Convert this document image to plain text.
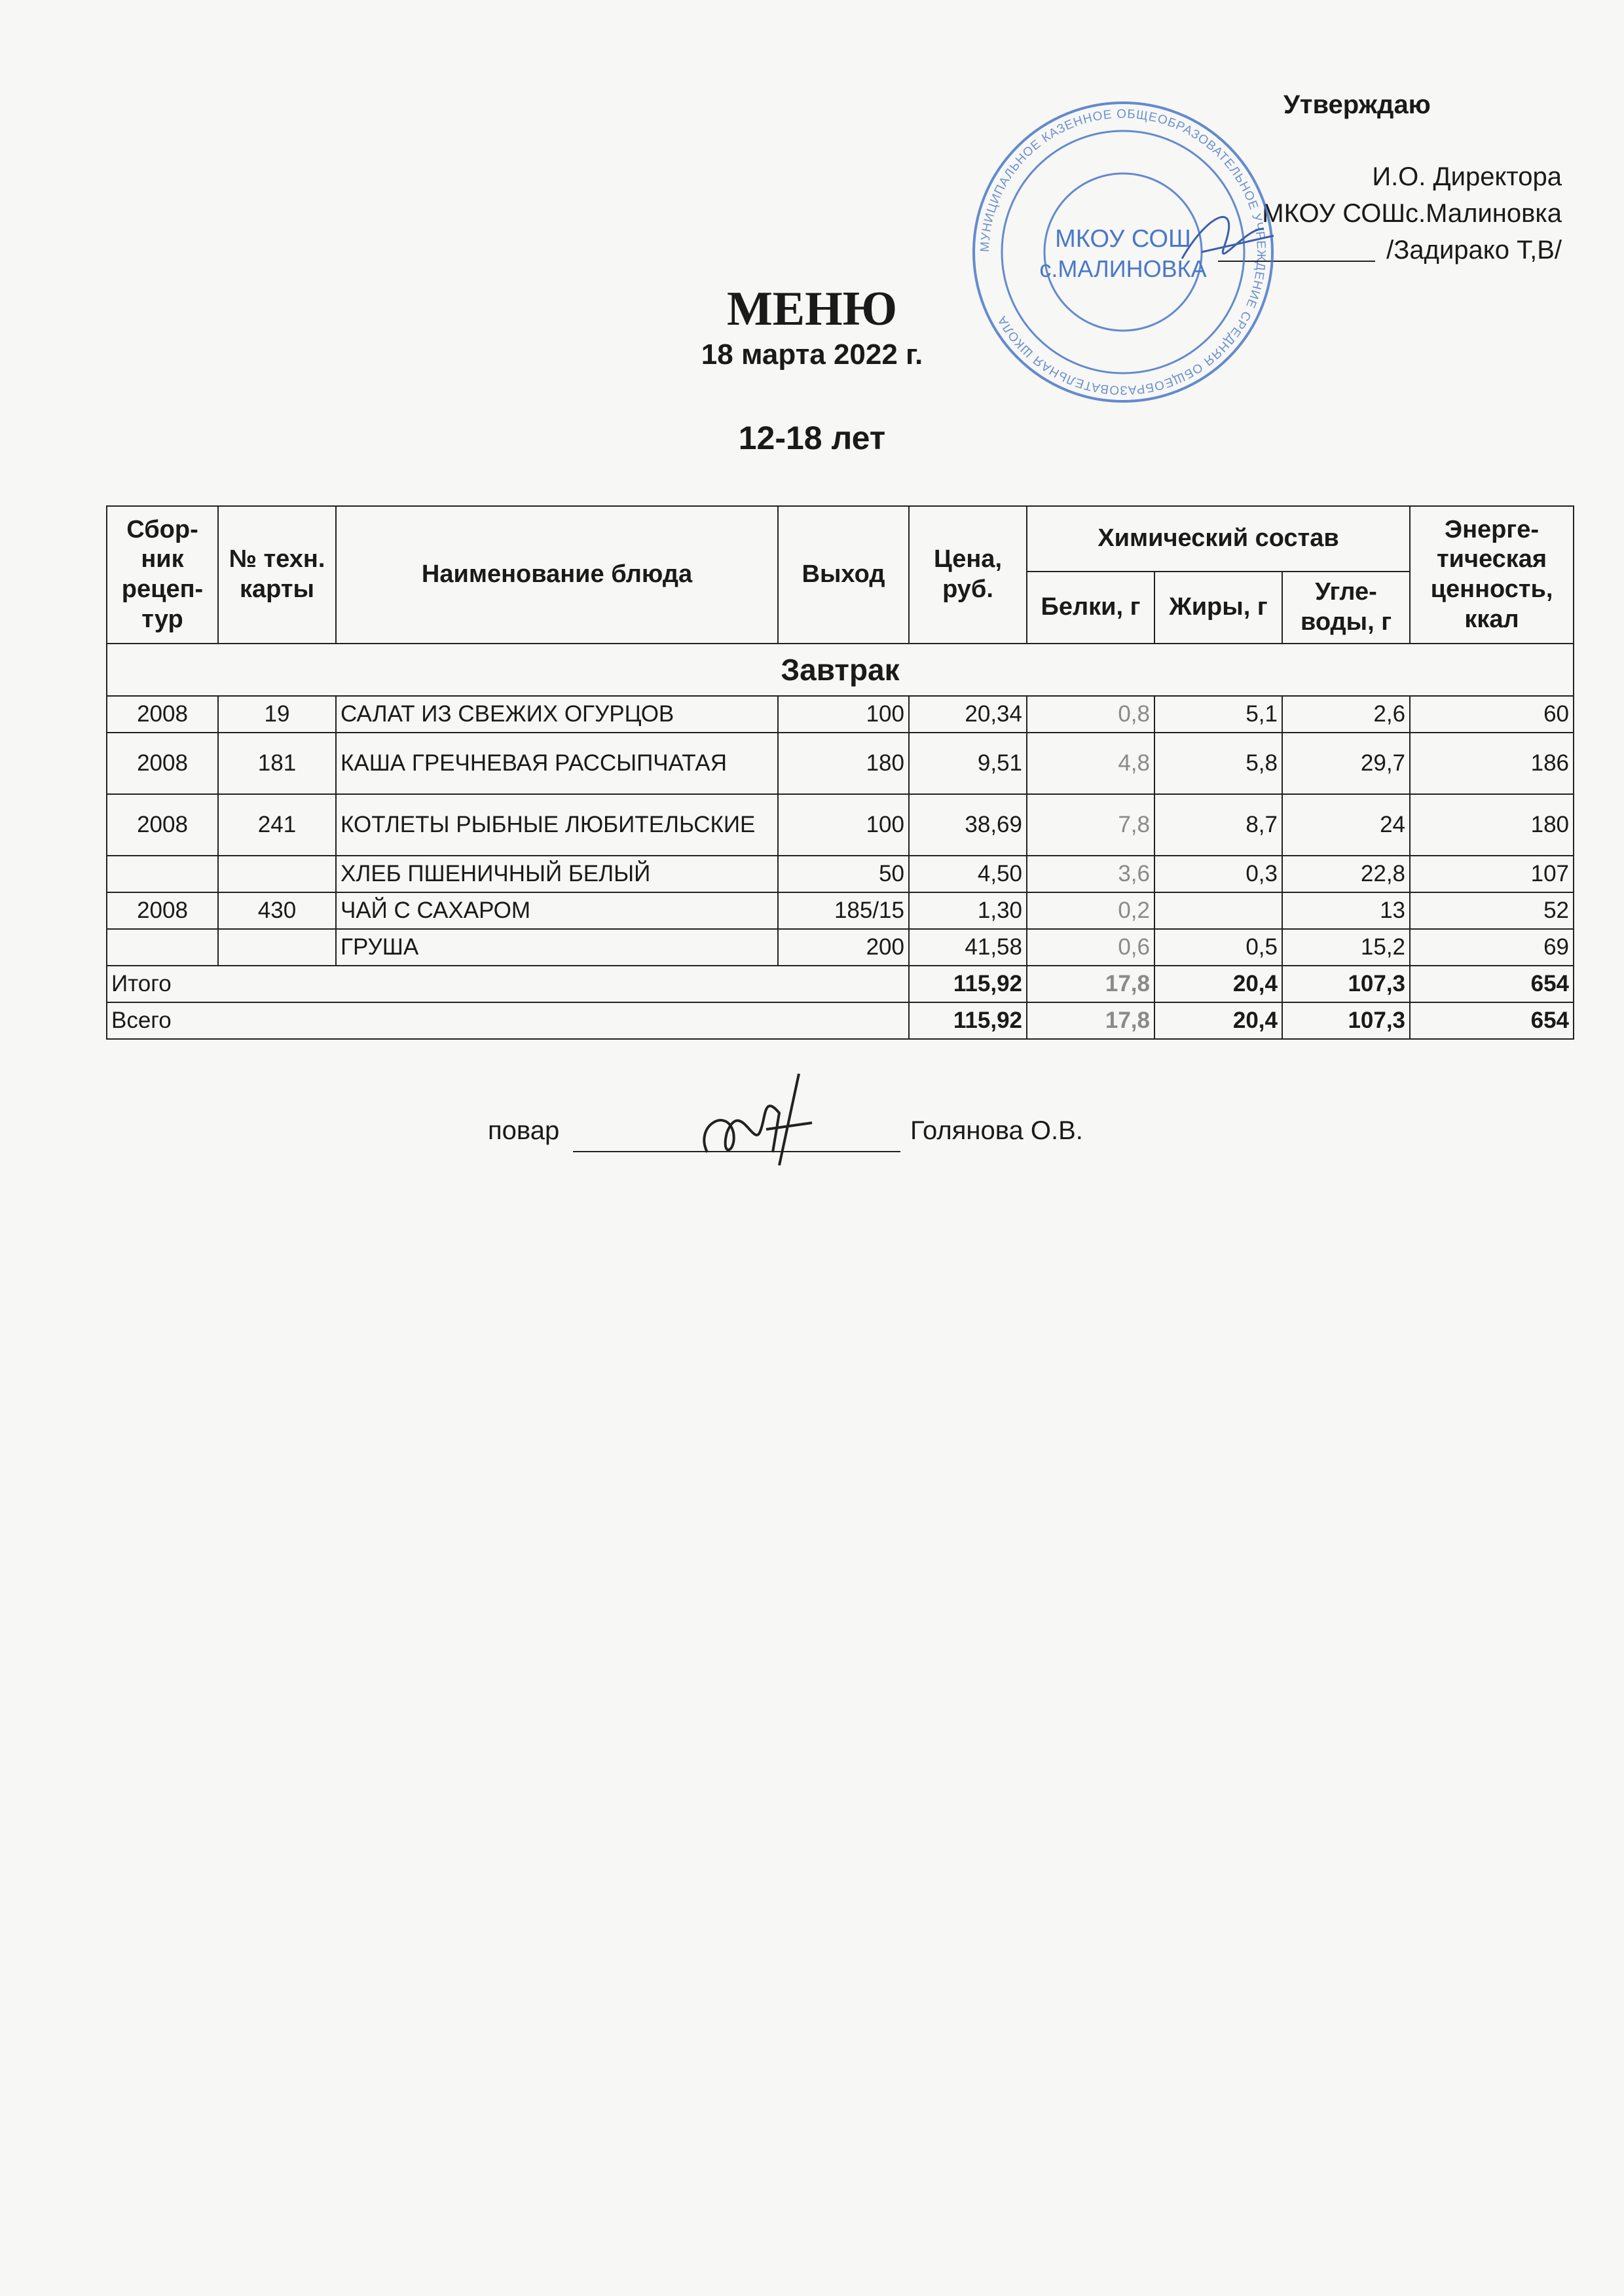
Утверждаю
И.О. Директора
МКОУ СОШс.Малиновка
/Задирако Т,В/
МУНИЦИПАЛЬНОЕ КАЗЕННОЕ ОБЩЕОБРАЗОВАТЕЛЬНОЕ УЧРЕЖДЕНИЕ СРЕДНЯЯ ОБЩЕОБРАЗОВАТЕЛЬНАЯ ШКОЛА
МКОУ СОШ
с.МАЛИНОВКА
МЕНЮ
18 марта 2022 г.
12-18 лет
Сбор-ник рецеп-тур	№ техн. карты	Наименование блюда	Выход	Цена, руб.	Химический состав			Энерге-тическая ценность, ккал
					Белки, г	Жиры, г	Угле-воды, г	
Завтрак								
2008	19	САЛАТ ИЗ СВЕЖИХ ОГУРЦОВ	100	20,34	0,8	5,1	2,6	60
2008	181	КАША ГРЕЧНЕВАЯ РАССЫПЧАТАЯ	180	9,51	4,8	5,8	29,7	186
2008	241	КОТЛЕТЫ РЫБНЫЕ ЛЮБИТЕЛЬСКИЕ	100	38,69	7,8	8,7	24	180
		ХЛЕБ ПШЕНИЧНЫЙ БЕЛЫЙ	50	4,50	3,6	0,3	22,8	107
2008	430	ЧАЙ С САХАРОМ	185/15	1,30	0,2		13	52
		ГРУША	200	41,58	0,6	0,5	15,2	69
Итого				115,92	17,8	20,4	107,3	654
Всего				115,92	17,8	20,4	107,3	654
повар	Голянова О.В.
